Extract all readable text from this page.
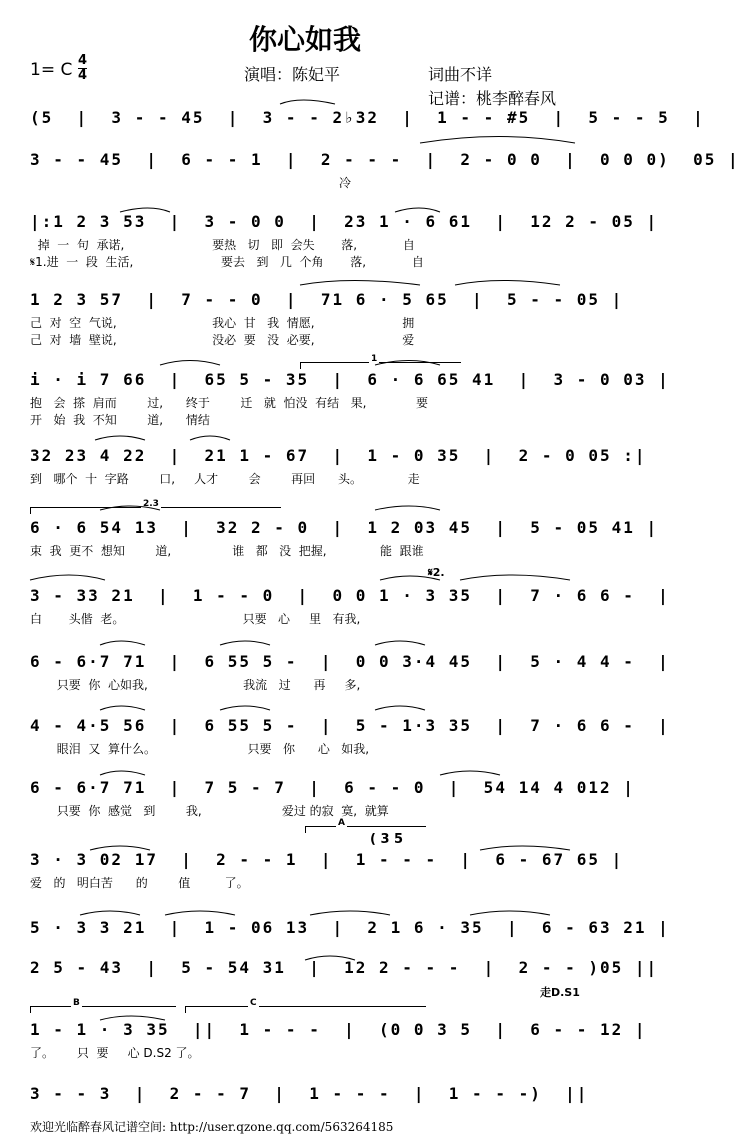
你心如我
1= C 4
4	演唱：陈妃平	词曲不详
记谱：桃李醉春风
(5  |  3 - - 45  |  3 - - 2♭32  |  1 - - #5  |  5 - - 5  |
3 - - 45  |  6 - - 1  |  2 - - -  |  2 - 0 0  |  0 0 0)  05 |
冷
|:1 2 3 53  |  3 - 0 0  |  23 1 · 6 61  |  12 2 - 05 |
掉  一  句  承诺,                       要热   切   即  会失       落,            自
𝄋1.进  一  段  生活,                       要去   到   几  个角       落,            自
1 2 3 57  |  7 - - 0  |  71 6 · 5 65  |  5 - - 05 |
己  对  空  气说,                         我心  甘   我  情愿,                       拥
己  对  墙  壁说,                         没必  要   没  必要,                       爱
i · i 7 66  |  65 5 - 35  |  6 · 6 65 41  |  3 - 0 03 |
抱   会  搽  肩而        过,      终于        迁   就  怕没  有结   果,             要
开   始  我  不知        道,      情结
32 23 4 22  |  21 1 - 67  |  1 - 0 35  |  2 - 0 05 :|
到   哪个  十  字路        口,     人才        会        再回      头。            走
6 · 6 54 13  |  32 2 - 0  |  1 2 03 45  |  5 - 05 41 |
束  我  更不  想知        道,                谁   都   没  把握,              能  跟谁
3 - 33 21  |  1 - - 0  |  0 0 1 · 3 35  |  7 · 6 6 -  |
白       头偕  老。                               只要   心     里   有我,
6 - 6·7 71  |  6 55 5 -  |  0 0 3·4 45  |  5 · 4 4 -  |
只要  你  心如我,                         我流   过      再     多,
4 - 4·5 56  |  6 55 5 -  |  5 - 1·3 35  |  7 · 6 6 -  |
眼泪  又  算什么。                        只要   你      心   如我,
6 - 6·7 71  |  7 5 - 7  |  6 - - 0  |  54 14 4 012 |
只要  你  感觉   到        我,                     爱过 的寂  寞,  就算
3 · 3 02 17  |  2 - - 1  |  1 - - -  |  6 - 67 65 |
爱   的   明白苦      的        值         了。
5 · 3 3 21  |  1 - 06 13  |  2 1 6 · 35  |  6 - 63 21 |
2 5 - 43  |  5 - 54 31  |  12 2 - - -  |  2 - - )05 ||
1 - 1 · 3 35  ||  1 - - -  |  (0 0 3 5  |  6 - - 12 |
了。      只  要     心 D.S2 了。
3 - - 3  |  2 - - 7  |  1 - - -  |  1 - - -)  ||
1
2.3
A
( 3 5
B	C
走D.S1
𝄋2.
欢迎光临醉春风记谱空间: http://user.qzone.qq.com/563264185
